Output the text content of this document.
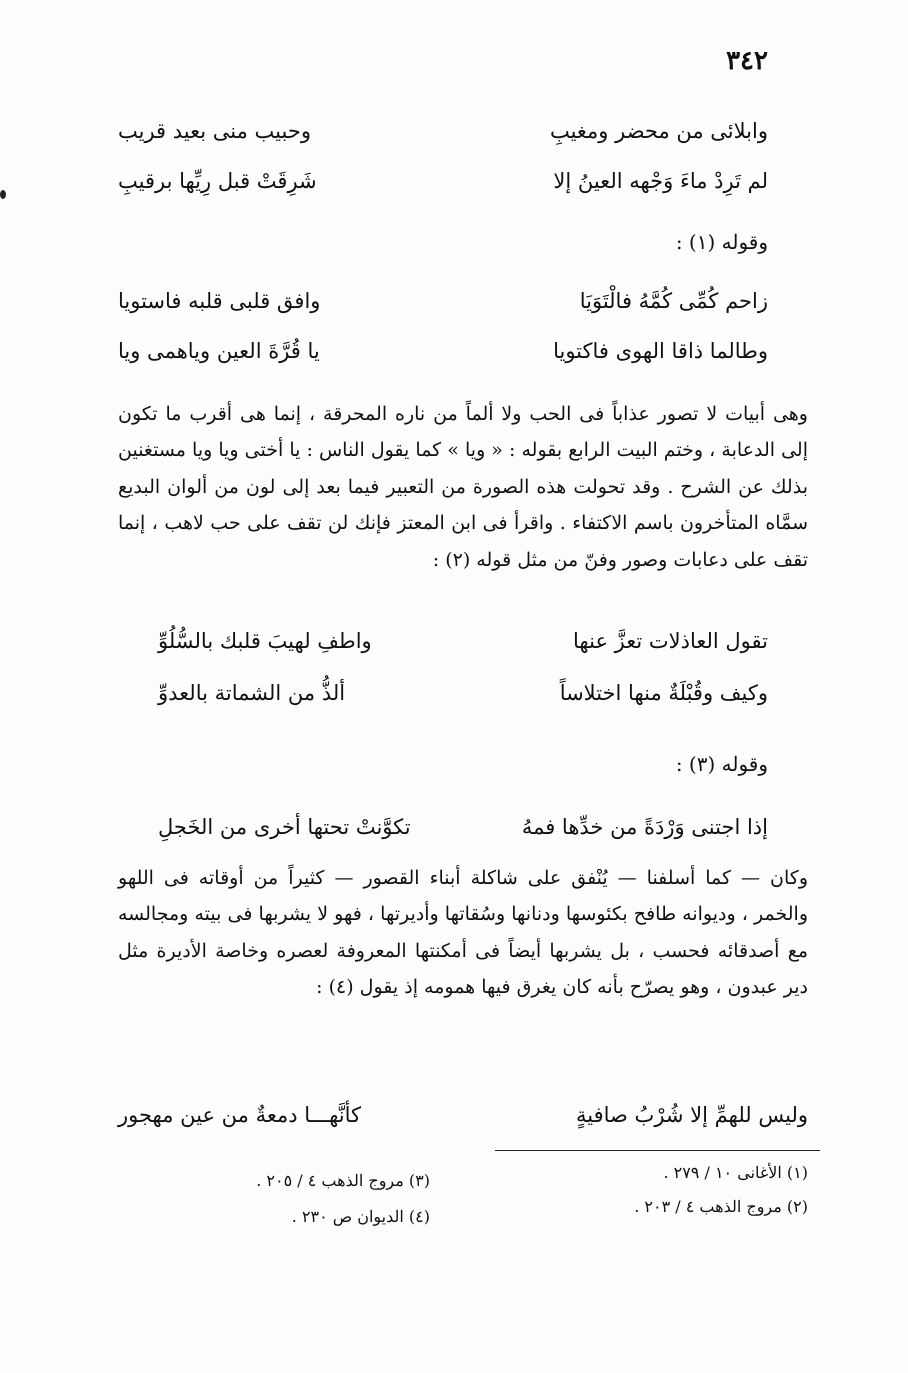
٣٤٢
وابلائى من محضر ومغيبِ
وحبيب منى بعيد قريب
لم تَرِدْ ماءَ وَجْهه العينُ إلا
شَرِقَتْ قبل رِيِّها برقيبِ
وقوله (١) :
زاحم كُمِّى كُمَّهُ فالْتَوَيَا
وافق قلبى قلبه فاستويا
وطالما ذاقا الهوى فاكتويا
يا قُرَّةَ العين وياهمى ويا
وهى أبيات لا تصور عذاباً فى الحب ولا ألماً من ناره المحرقة ، إنما هى أقرب ما تكون إلى الدعابة ، وختم البيت الرابع بقوله : « ويا » كما يقول الناس : يا أختى ويا ويا مستغنين بذلك عن الشرح . وقد تحولت هذه الصورة من التعبير فيما بعد إلى لون من ألوان البديع سمَّاه المتأخرون باسم الاكتفاء . واقرأ فى ابن المعتز فإنك لن تقف على حب لاهب ، إنما تقف على دعابات وصور وفنّ من مثل قوله (٢) :
تقول العاذلات تعزَّ عنها
واطفِ لهيبَ قلبك بالسُّلُوِّ
وكيف وقُبْلَةٌ منها اختلاساً
ألذُّ من الشماتة بالعدوِّ
وقوله (٣) :
إذا اجتنى وَرْدَةً من خدِّها فمهُ
تكوَّنتْ تحتها أخرى من الخَجلِ
وكان — كما أسلفنا — يُنْفق على شاكلة أبناء القصور — كثيراً من أوقاته فى اللهو والخمر ، وديوانه طافح بكئوسها ودنانها وسُقاتها وأديرتها ، فهو لا يشربها فى بيته ومجالسه مع أصدقائه فحسب ، بل يشربها أيضاً فى أمكنتها المعروفة لعصره وخاصة الأديرة مثل دير عبدون ، وهو يصرّح بأنه كان يغرق فيها همومه إذ يقول (٤) :
وليس للهمِّ إلا شُرْبُ صافيةٍ
كأنَّهـــا دمعةٌ من عين مهجور
(١) الأغانى ١٠ / ٢٧٩ .
(٢) مروج الذهب ٤ / ٢٠٣ .
(٣) مروج الذهب ٤ / ٢٠٥ .
(٤) الديوان ص ٢٣٠ .
